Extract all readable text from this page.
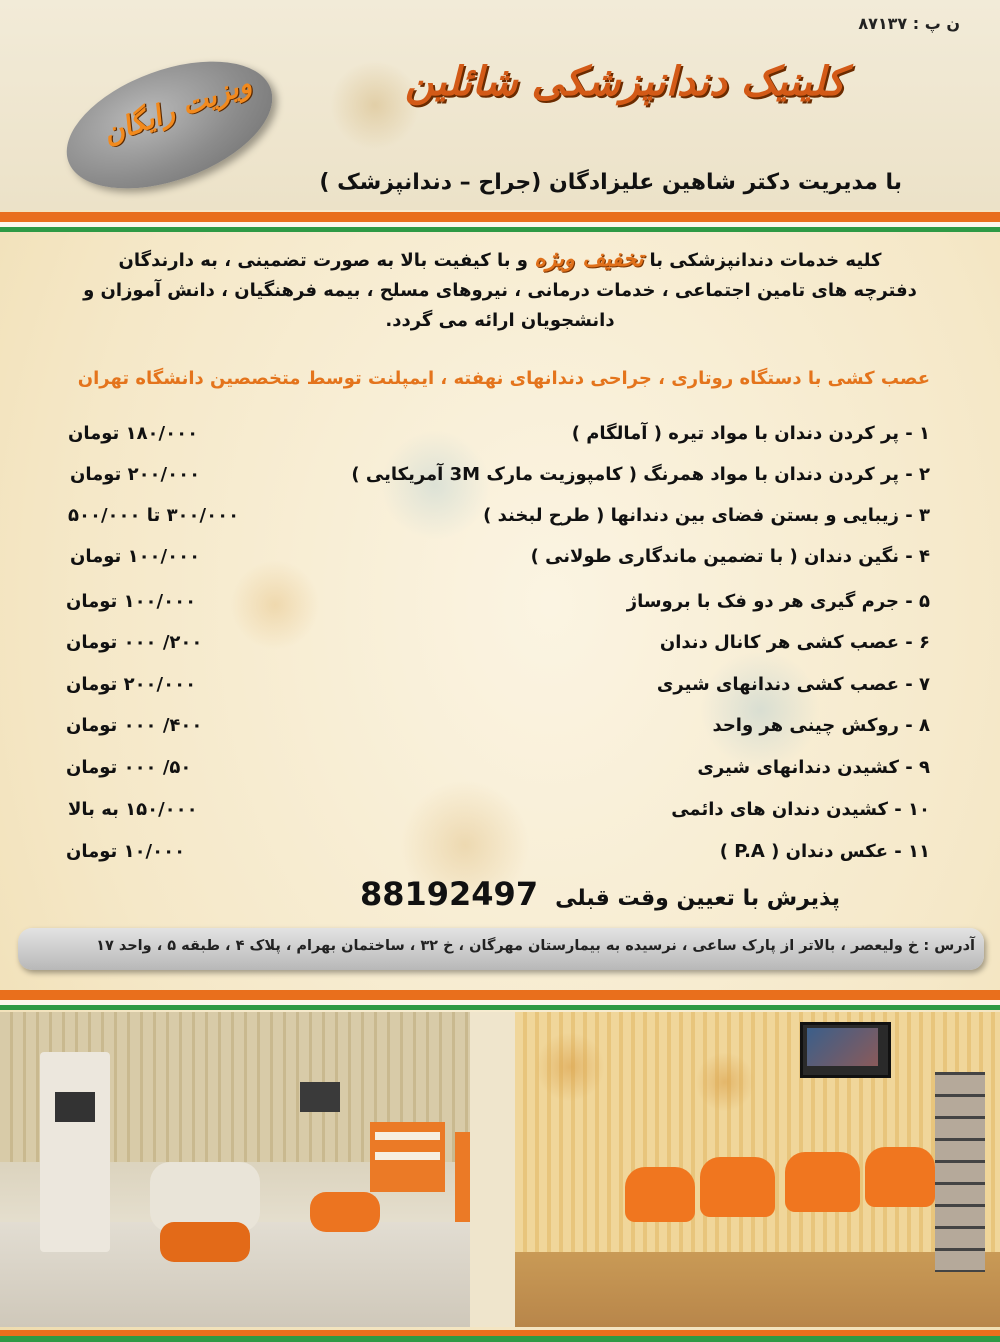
ن پ : ۸۷۱۳۷
ویزیت رایگان	کلینیک دندانپزشکی شائلین
با مدیریت دکتر شاهین علیزادگان (جراح – دندانپزشک )
کلیه خدمات دندانپزشکی با تخفیف ویژه و با کیفیت بالا به صورت تضمینی ، به دارندگان
دفترچه های تامین اجتماعی ، خدمات درمانی ، نیروهای مسلح ، بیمه فرهنگیان ، دانش آموزان و
دانشجویان ارائه می گردد.
عصب کشی با دستگاه روتاری ، جراحی دندانهای نهفته ، ایمپلنت توسط متخصصین دانشگاه تهران
۱ - پر کردن دندان با مواد تیره ( آمالگام )
۱۸۰/۰۰۰ تومان
۲ - پر کردن دندان با مواد همرنگ ( کامپوزیت مارک 3M آمریکایی )
۲۰۰/۰۰۰ تومان
۳ - زیبایی و بستن فضای بین دندانها ( طرح لبخند )
۳۰۰/۰۰۰ تا ۵۰۰/۰۰۰
۴ - نگین دندان ( با تضمین ماندگاری طولانی )
۱۰۰/۰۰۰ تومان
۵ - جرم گیری هر دو فک با بروساژ
۱۰۰/۰۰۰ تومان
۶ - عصب کشی هر کانال دندان
۲۰۰/ ۰۰۰ تومان
۷ - عصب کشی دندانهای شیری
۲۰۰/۰۰۰ تومان
۸ - روکش چینی هر واحد
۴۰۰/ ۰۰۰ تومان
۹ - کشیدن دندانهای شیری
۵۰/ ۰۰۰ تومان
۱۰ - کشیدن دندان های دائمی
۱۵۰/۰۰۰ به بالا
۱۱ - عکس دندان ( P.A )
۱۰/۰۰۰ تومان
پذیرش با تعیین وقت قبلی 88192497
آدرس : خ ولیعصر ، بالاتر از پارک ساعی ، نرسیده به بیمارستان مهرگان ، خ ۳۲ ، ساختمان بهرام ، پلاک ۴ ، طبقه ۵ ، واحد ۱۷
